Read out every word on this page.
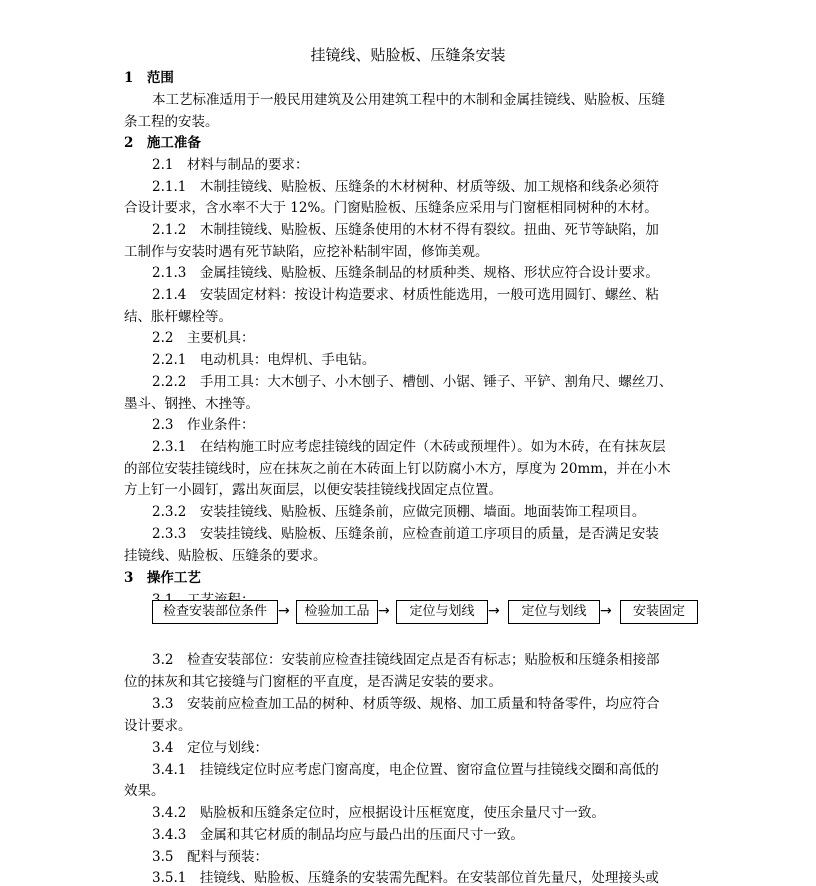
挂镜线、贴脸板、压缝条安装
1　范围
本工艺标准适用于一般民用建筑及公用建筑工程中的木制和金属挂镜线、贴脸板、压缝
条工程的安装。
2　施工准备
2.1　材料与制品的要求：
2.1.1　木制挂镜线、贴脸板、压缝条的木材树种、材质等级、加工规格和线条必须符
合设计要求，含水率不大于 12%。门窗贴脸板、压缝条应采用与门窗框相同树种的木材。
2.1.2　木制挂镜线、贴脸板、压缝条使用的木材不得有裂纹。扭曲、死节等缺陷，加
工制作与安装时遇有死节缺陷，应挖补粘制牢固，修饰美观。
2.1.3　金属挂镜线、贴脸板、压缝条制品的材质种类、规格、形状应符合设计要求。
2.1.4　安装固定材料：按设计构造要求、材质性能选用，一般可选用圆钉、螺丝、粘
结、胀杆螺栓等。
2.2　主要机具：
2.2.1　电动机具：电焊机、手电钻。
2.2.2　手用工具：大木刨子、小木刨子、槽刨、小锯、锤子、平铲、割角尺、螺丝刀、
墨斗、钢挫、木挫等。
2.3　作业条件：
2.3.1　在结构施工时应考虑挂镜线的固定件（木砖或预埋件）。如为木砖，在有抹灰层
的部位安装挂镜线时，应在抹灰之前在木砖面上钉以防腐小木方，厚度为 20mm，并在小木
方上钉一小圆钉，露出灰面层，以便安装挂镜线找固定点位置。
2.3.2　安装挂镜线、贴脸板、压缝条前，应做完顶棚、墙面。地面装饰工程项目。
2.3.3　安装挂镜线、贴脸板、压缝条前，应检查前道工序项目的质量，是否满足安装
挂镜线、贴脸板、压缝条的要求。
3　操作工艺
检查安装部位条件 →	检验加工品 →	定位与划线 →	定位与划线 →	安装固定
3.2　检查安装部位：安装前应检查挂镜线固定点是否有标志；贴脸板和压缝条相接部
位的抹灰和其它接缝与门窗框的平直度，是否满足安装的要求。
3.3　安装前应检查加工品的树种、材质等级、规格、加工质量和特备零件，均应符合
设计要求。
3.4　定位与划线：
3.4.1　挂镜线定位时应考虑门窗高度，电企位置、窗帘盒位置与挂镜线交圈和高低的
效果。
3.4.2　贴脸板和压缝条定位时，应根据设计压框宽度，使压余量尺寸一致。
3.4.3　金属和其它材质的制品均应与最凸出的压面尺寸一致。
3.5　配料与预装：
3.5.1　挂镜线、贴脸板、压缝条的安装需先配料。在安装部位首先量尺，处理接头或
